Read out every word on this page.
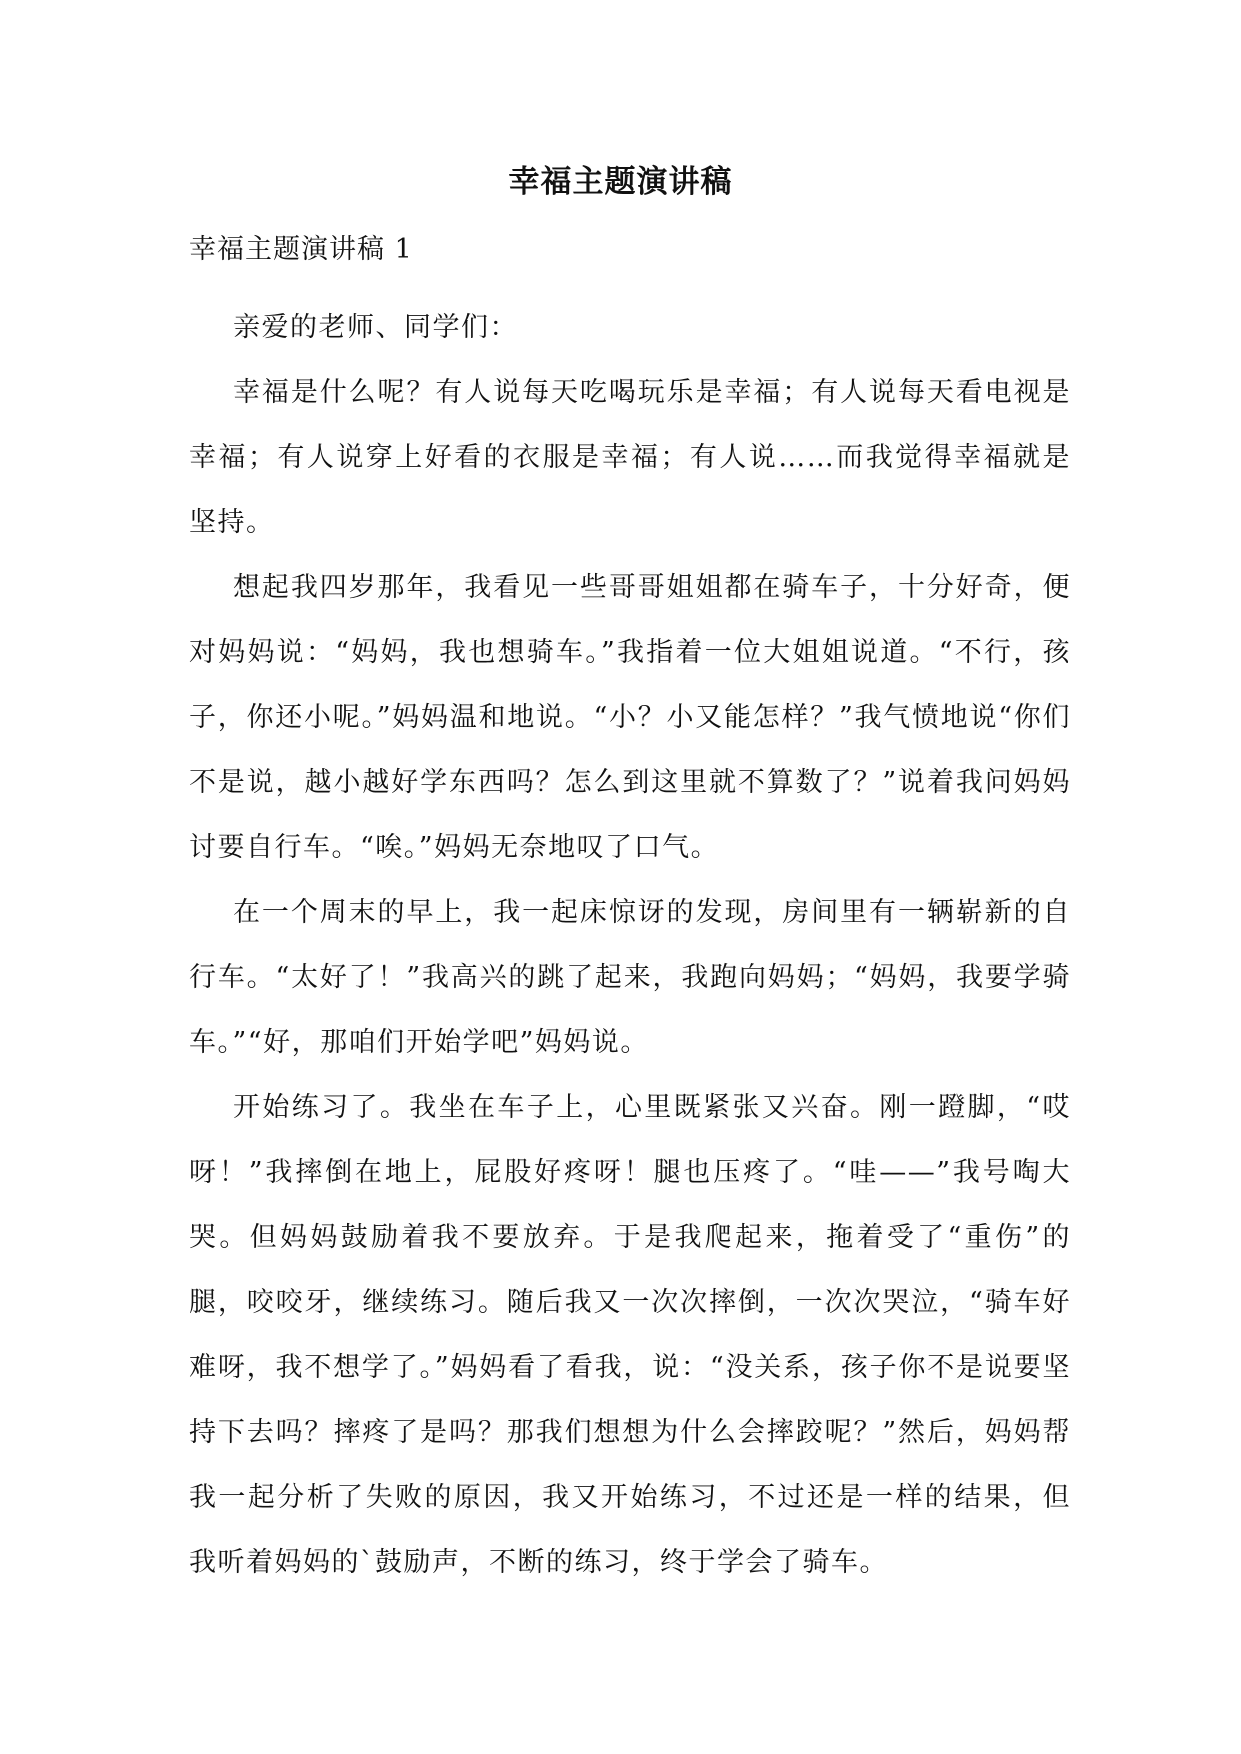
幸福主题演讲稿
幸福主题演讲稿 1

亲爱的老师、同学们：

幸福是什么呢？有人说每天吃喝玩乐是幸福；有人说每天看电视是幸福；有人说穿上好看的衣服是幸福；有人说……而我觉得幸福就是坚持。

想起我四岁那年，我看见一些哥哥姐姐都在骑车子，十分好奇，便对妈妈说：“妈妈，我也想骑车。”我指着一位大姐姐说道。“不行，孩子，你还小呢。”妈妈温和地说。“小？小又能怎样？”我气愤地说“你们不是说，越小越好学东西吗？怎么到这里就不算数了？”说着我问妈妈讨要自行车。“唉。”妈妈无奈地叹了口气。

在一个周末的早上，我一起床惊讶的发现，房间里有一辆崭新的自行车。“太好了！”我高兴的跳了起来，我跑向妈妈；“妈妈，我要学骑车。”“好，那咱们开始学吧”妈妈说。

开始练习了。我坐在车子上，心里既紧张又兴奋。刚一蹬脚，“哎呀！”我摔倒在地上，屁股好疼呀！腿也压疼了。“哇——”我号啕大哭。但妈妈鼓励着我不要放弃。于是我爬起来，拖着受了“重伤”的腿，咬咬牙，继续练习。随后我又一次次摔倒，一次次哭泣，“骑车好难呀，我不想学了。”妈妈看了看我，说：“没关系，孩子你不是说要坚持下去吗？摔疼了是吗？那我们想想为什么会摔跤呢？”然后，妈妈帮我一起分析了失败的原因，我又开始练习，不过还是一样的结果，但我听着妈妈的`鼓励声，不断的练习，终于学会了骑车。
